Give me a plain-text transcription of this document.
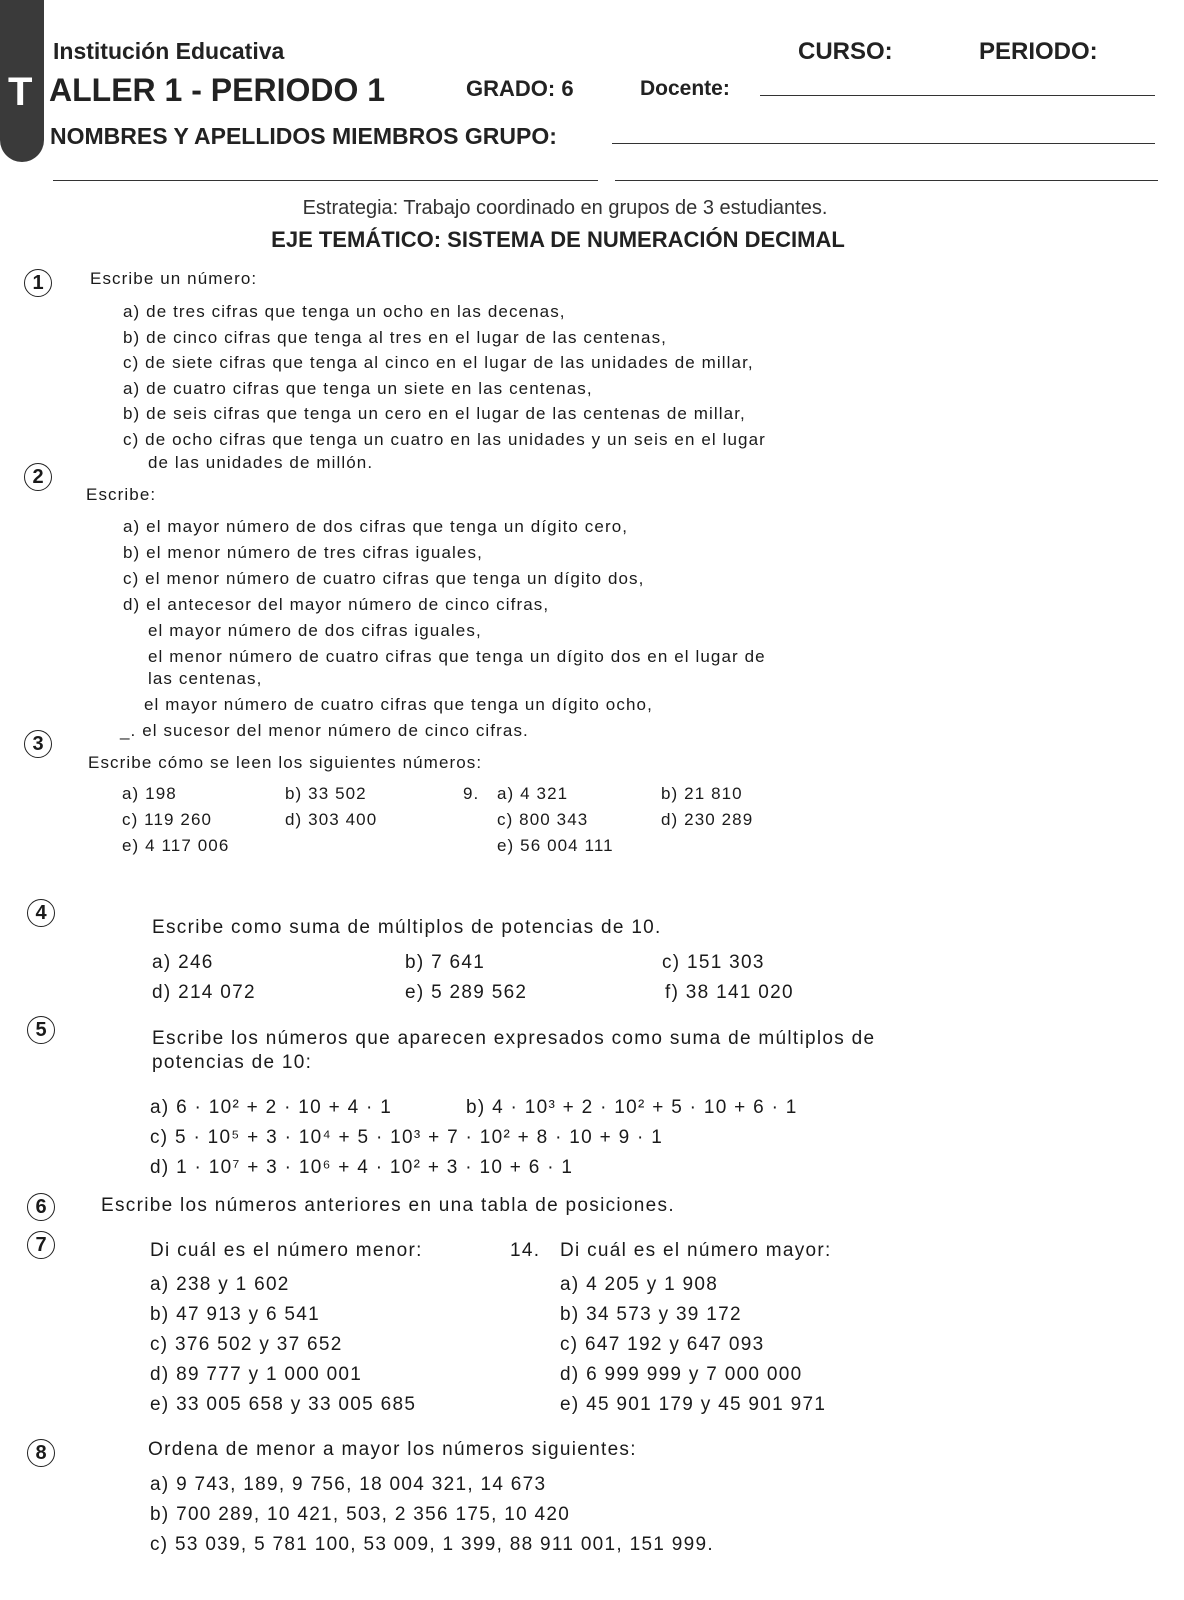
T
Institución Educativa
ALLER 1 - PERIODO 1	GRADO: 6	Docente:
CURSO:	PERIODO:
NOMBRES Y APELLIDOS MIEMBROS GRUPO:
Estrategia: Trabajo coordinado en grupos de 3 estudiantes.
EJE TEMÁTICO: SISTEMA DE NUMERACIÓN DECIMAL
1	Escribe un número:
a) de tres cifras que tenga un ocho en las decenas,
b) de cinco cifras que tenga al tres en el lugar de las centenas,
c) de siete cifras que tenga al cinco en el lugar de las unidades de millar,
a) de cuatro cifras que tenga un siete en las centenas,
b) de seis cifras que tenga un cero en el lugar de las centenas de millar,
c) de ocho cifras que tenga un cuatro en las unidades y un seis en el lugar
de las unidades de millón.
2
Escribe:
a) el mayor número de dos cifras que tenga un dígito cero,
b) el menor número de tres cifras iguales,
c) el menor número de cuatro cifras que tenga un dígito dos,
d) el antecesor del mayor número de cinco cifras,
el mayor número de dos cifras iguales,
el menor número de cuatro cifras que tenga un dígito dos en el lugar de
las centenas,
el mayor número de cuatro cifras que tenga un dígito ocho,
_. el sucesor del menor número de cinco cifras.
3
Escribe cómo se leen los siguientes números:
a) 198	b) 33 502
c) 119 260	d) 303 400
e) 4 117 006
9. a) 4 321	b) 21 810
c) 800 343	d) 230 289
e) 56 004 111
4
Escribe como suma de múltiplos de potencias de 10.
a) 246	b) 7 641	c) 151 303
d) 214 072	e) 5 289 562	f) 38 141 020
5	Escribe los números que aparecen expresados como suma de múltiplos de
potencias de 10:
a) 6 · 10² + 2 · 10 + 4 · 1	b) 4 · 10³ + 2 · 10² + 5 · 10 + 6 · 1
c) 5 · 10⁵ + 3 · 10⁴ + 5 · 10³ + 7 · 10² + 8 · 10 + 9 · 1
d) 1 · 10⁷ + 3 · 10⁶ + 4 · 10² + 3 · 10 + 6 · 1
6	Escribe los números anteriores en una tabla de posiciones.
7	Di cuál es el número menor:	14. Di cuál es el número mayor:
a) 238 y 1 602
b) 47 913 y 6 541
c) 376 502 y 37 652
d) 89 777 y 1 000 001
e) 33 005 658 y 33 005 685
a) 4 205 y 1 908
b) 34 573 y 39 172
c) 647 192 y 647 093
d) 6 999 999 y 7 000 000
e) 45 901 179 y 45 901 971
8	Ordena de menor a mayor los números siguientes:
a) 9 743, 189, 9 756, 18 004 321, 14 673
b) 700 289, 10 421, 503, 2 356 175, 10 420
c) 53 039, 5 781 100, 53 009, 1 399, 88 911 001, 151 999.
